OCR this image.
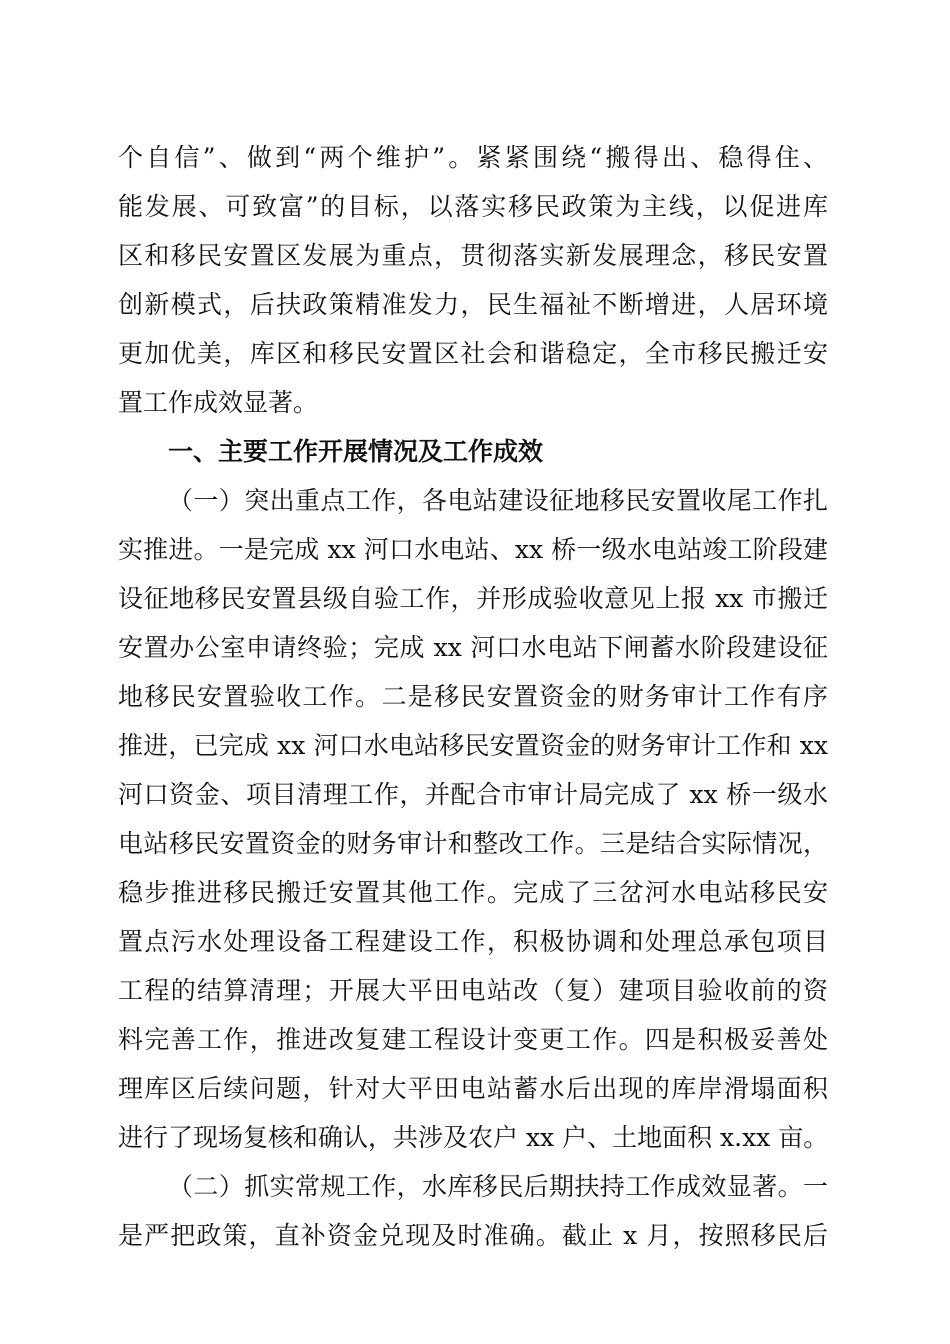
个自信”、做到“两个维护”。紧紧围绕“搬得出、稳得住、
能发展、可致富”的目标，以落实移民政策为主线，以促进库
区和移民安置区发展为重点，贯彻落实新发展理念，移民安置
创新模式，后扶政策精准发力，民生福祉不断增进，人居环境
更加优美，库区和移民安置区社会和谐稳定，全市移民搬迁安
置工作成效显著。
一、主要工作开展情况及工作成效
（一）突出重点工作，各电站建设征地移民安置收尾工作扎
实推进。一是完成 xx 河口水电站、xx 桥一级水电站竣工阶段建
设征地移民安置县级自验工作，并形成验收意见上报 xx 市搬迁
安置办公室申请终验；完成 xx 河口水电站下闸蓄水阶段建设征
地移民安置验收工作。二是移民安置资金的财务审计工作有序
推进，已完成 xx 河口水电站移民安置资金的财务审计工作和 xx
河口资金、项目清理工作，并配合市审计局完成了 xx 桥一级水
电站移民安置资金的财务审计和整改工作。三是结合实际情况，
稳步推进移民搬迁安置其他工作。完成了三岔河水电站移民安
置点污水处理设备工程建设工作，积极协调和处理总承包项目
工程的结算清理；开展大平田电站改（复）建项目验收前的资
料完善工作，推进改复建工程设计变更工作。四是积极妥善处
理库区后续问题，针对大平田电站蓄水后出现的库岸滑塌面积
进行了现场复核和确认，共涉及农户 xx 户、土地面积 x.xx 亩。
（二）抓实常规工作，水库移民后期扶持工作成效显著。一
是严把政策，直补资金兑现及时准确。截止 x 月，按照移民后
